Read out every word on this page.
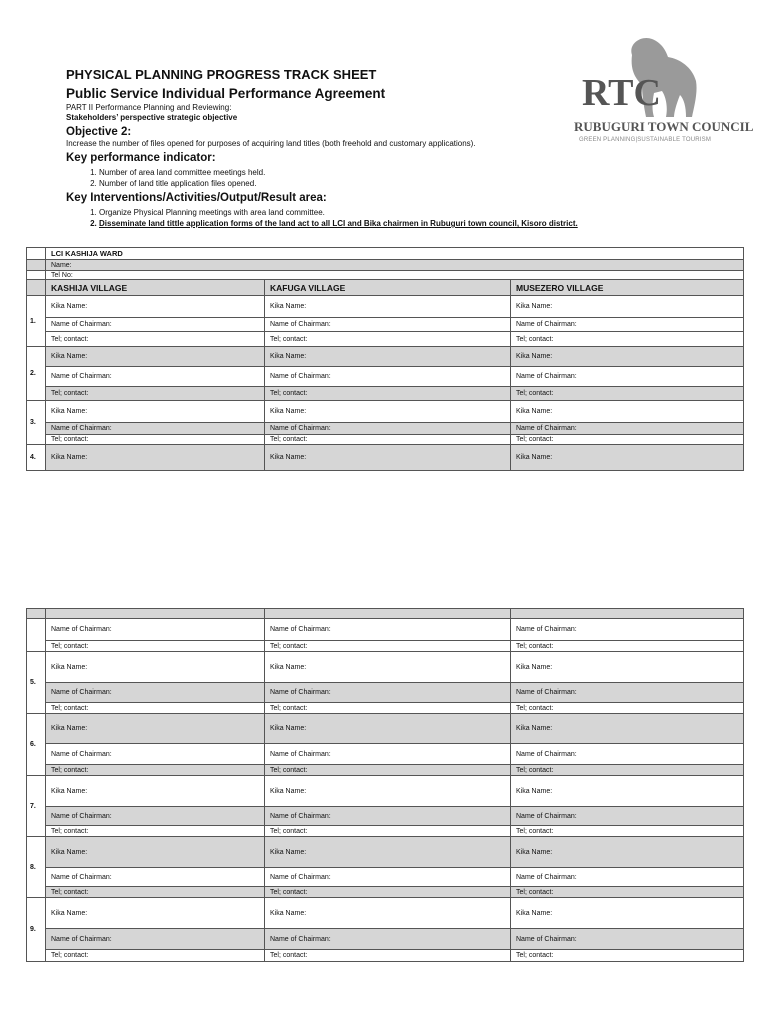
PHYSICAL PLANNING PROGRESS TRACK SHEET

Public Service Individual Performance Agreement

PART II Performance Planning and Reviewing:

Stakeholders’ perspective strategic objective

Objective 2:

Increase the number of files opened for purposes of acquiring land titles (both freehold and customary applications).

Key performance indicator:

1. Number of area land committee meetings held.
2. Number of land title application files opened.

Key Interventions/Activities/Output/Result area:

1. Organize Physical Planning meetings with area land committee.
2. Disseminate land tittle application forms of the land act to all LCI and Bika chairmen in Rubuguri town council, Kisoro district.
RTC
RUBUGURI TOWN COUNCIL
GREEN PLANNING|SUSTAINABLE TOURISM
	LCI KASHIJA WARD		
	Name:		
	Tel No:		
	KASHIJA VILLAGE	KAFUGA VILLAGE	MUSEZERO VILLAGE
1.	Kika Name:	Kika Name:	Kika Name:
	Name of Chairman:	Name of Chairman:	Name of Chairman:
	Tel; contact:	Tel; contact:	Tel; contact:
2.	Kika Name:	Kika Name:	Kika Name:
	Name of Chairman:	Name of Chairman:	Name of Chairman:
	Tel; contact:	Tel; contact:	Tel; contact:
3.	Kika Name:	Kika Name:	Kika Name:
	Name of Chairman:	Name of Chairman:	Name of Chairman:
	Tel; contact:	Tel; contact:	Tel; contact:
4.	Kika Name:	Kika Name:	Kika Name:

	Name of Chairman:	Name of Chairman:	Name of Chairman:
	Tel; contact:	Tel; contact:	Tel; contact:
5.	Kika Name:	Kika Name:	Kika Name:
	Name of Chairman:	Name of Chairman:	Name of Chairman:
	Tel; contact:	Tel; contact:	Tel; contact:
6.	Kika Name:	Kika Name:	Kika Name:
	Name of Chairman:	Name of Chairman:	Name of Chairman:
	Tel; contact:	Tel; contact:	Tel; contact:
7.	Kika Name:	Kika Name:	Kika Name:
	Name of Chairman:	Name of Chairman:	Name of Chairman:
	Tel; contact:	Tel; contact:	Tel; contact:
8.	Kika Name:	Kika Name:	Kika Name:
	Name of Chairman:	Name of Chairman:	Name of Chairman:
	Tel; contact:	Tel; contact:	Tel; contact:
9.	Kika Name:	Kika Name:	Kika Name:
	Name of Chairman:	Name of Chairman:	Name of Chairman:
	Tel; contact:	Tel; contact:	Tel; contact:
